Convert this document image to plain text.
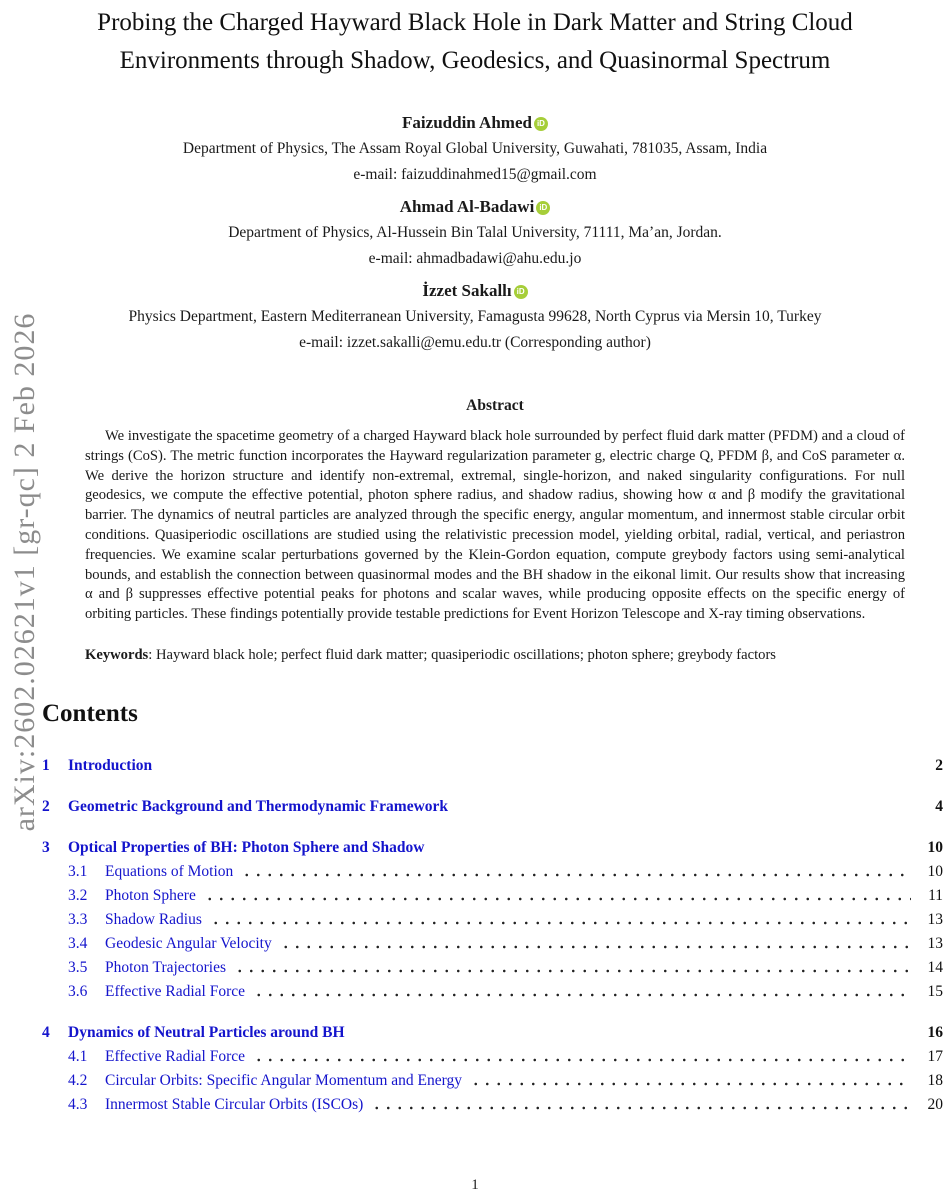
arXiv:2602.02621v1 [gr-qc] 2 Feb 2026
Probing the Charged Hayward Black Hole in Dark Matter and String Cloud
Environments through Shadow, Geodesics, and Quasinormal Spectrum
Faizuddin Ahmed iD
Department of Physics, The Assam Royal Global University, Guwahati, 781035, Assam, India
e-mail: faizuddinahmed15@gmail.com
Ahmad Al-Badawi iD
Department of Physics, Al-Hussein Bin Talal University, 71111, Ma’an, Jordan.
e-mail: ahmadbadawi@ahu.edu.jo
İzzet Sakallı iD
Physics Department, Eastern Mediterranean University, Famagusta 99628, North Cyprus via Mersin 10, Turkey
e-mail: izzet.sakalli@emu.edu.tr (Corresponding author)
Abstract

We investigate the spacetime geometry of a charged Hayward black hole surrounded by perfect fluid dark matter (PFDM) and a cloud of strings (CoS). The metric function incorporates the Hayward regularization parameter g, electric charge Q, PFDM β, and CoS parameter α. We derive the horizon structure and identify non-extremal, extremal, single-horizon, and naked singularity configurations. For null geodesics, we compute the effective potential, photon sphere radius, and shadow radius, showing how α and β modify the gravitational barrier. The dynamics of neutral particles are analyzed through the specific energy, angular momentum, and innermost stable circular orbit conditions. Quasiperiodic oscillations are studied using the relativistic precession model, yielding orbital, radial, vertical, and periastron frequencies. We examine scalar perturbations governed by the Klein-Gordon equation, compute greybody factors using semi-analytical bounds, and establish the connection between quasinormal modes and the BH shadow in the eikonal limit. Our results show that increasing α and β suppresses effective potential peaks for photons and scalar waves, while producing opposite effects on the specific energy of orbiting particles. These findings potentially provide testable predictions for Event Horizon Telescope and X-ray timing observations.

Keywords: Hayward black hole; perfect fluid dark matter; quasiperiodic oscillations; photon sphere; greybody factors

Contents
1	Introduction	2
2	Geometric Background and Thermodynamic Framework	4
3	Optical Properties of BH: Photon Sphere and Shadow	10
3.1	Equations of Motion	10
3.2	Photon Sphere	11
3.3	Shadow Radius	13
3.4	Geodesic Angular Velocity	13
3.5	Photon Trajectories	14
3.6	Effective Radial Force	15
4	Dynamics of Neutral Particles around BH	16
4.1	Effective Radial Force	17
4.2	Circular Orbits: Specific Angular Momentum and Energy	18
4.3	Innermost Stable Circular Orbits (ISCOs)	20
1
